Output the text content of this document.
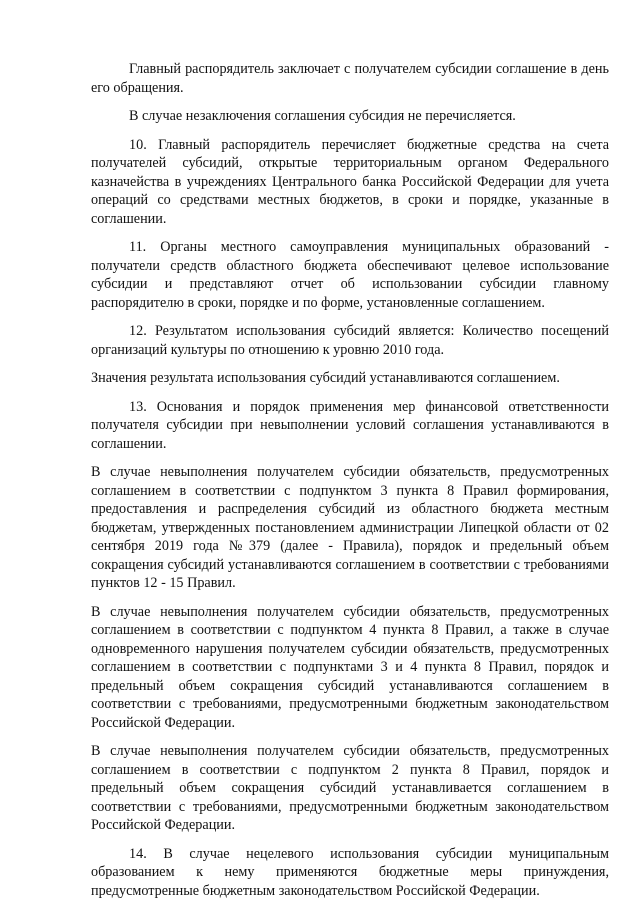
Главный распорядитель заключает с получателем субсидии соглашение в день его обращения.

В случае незаключения соглашения субсидия не перечисляется.

10. Главный распорядитель перечисляет бюджетные средства на счета получателей субсидий, открытые территориальным органом Федерального казначейства в учреждениях Центрального банка Российской Федерации для учета операций со средствами местных бюджетов, в сроки и порядке, указанные в соглашении.

11. Органы местного самоуправления муниципальных образований - получатели средств областного бюджета обеспечивают целевое использование субсидии и представляют отчет об использовании субсидии главному распорядителю в сроки, порядке и по форме, установленные соглашением.

12. Результатом использования субсидий является: Количество посещений организаций культуры по отношению к уровню 2010 года.

Значения результата использования субсидий устанавливаются соглашением.

13. Основания и порядок применения мер финансовой ответственности получателя субсидии при невыполнении условий соглашения устанавливаются в соглашении.

В случае невыполнения получателем субсидии обязательств, предусмотренных соглашением в соответствии с подпунктом 3 пункта 8 Правил формирования, предоставления и распределения субсидий из областного бюджета местным бюджетам, утвержденных постановлением администрации Липецкой области от 02 сентября 2019 года №379 (далее - Правила), порядок и предельный объем сокращения субсидий устанавливаются соглашением в соответствии с требованиями пунктов 12 - 15 Правил.

В случае невыполнения получателем субсидии обязательств, предусмотренных соглашением в соответствии с подпунктом 4 пункта 8 Правил, а также в случае одновременного нарушения получателем субсидии обязательств, предусмотренных соглашением в соответствии с подпунктами 3 и 4 пункта 8 Правил, порядок и предельный объем сокращения субсидий устанавливаются соглашением в соответствии с требованиями, предусмотренными бюджетным законодательством Российской Федерации.

В случае невыполнения получателем субсидии обязательств, предусмотренных соглашением в соответствии с подпунктом 2 пункта 8 Правил, порядок и предельный объем сокращения субсидий устанавливается соглашением в соответствии с требованиями, предусмотренными бюджетным законодательством Российской Федерации.

14. В случае нецелевого использования субсидии муниципальным образованием к нему применяются бюджетные меры принуждения, предусмотренные бюджетным законодательством Российской Федерации.
